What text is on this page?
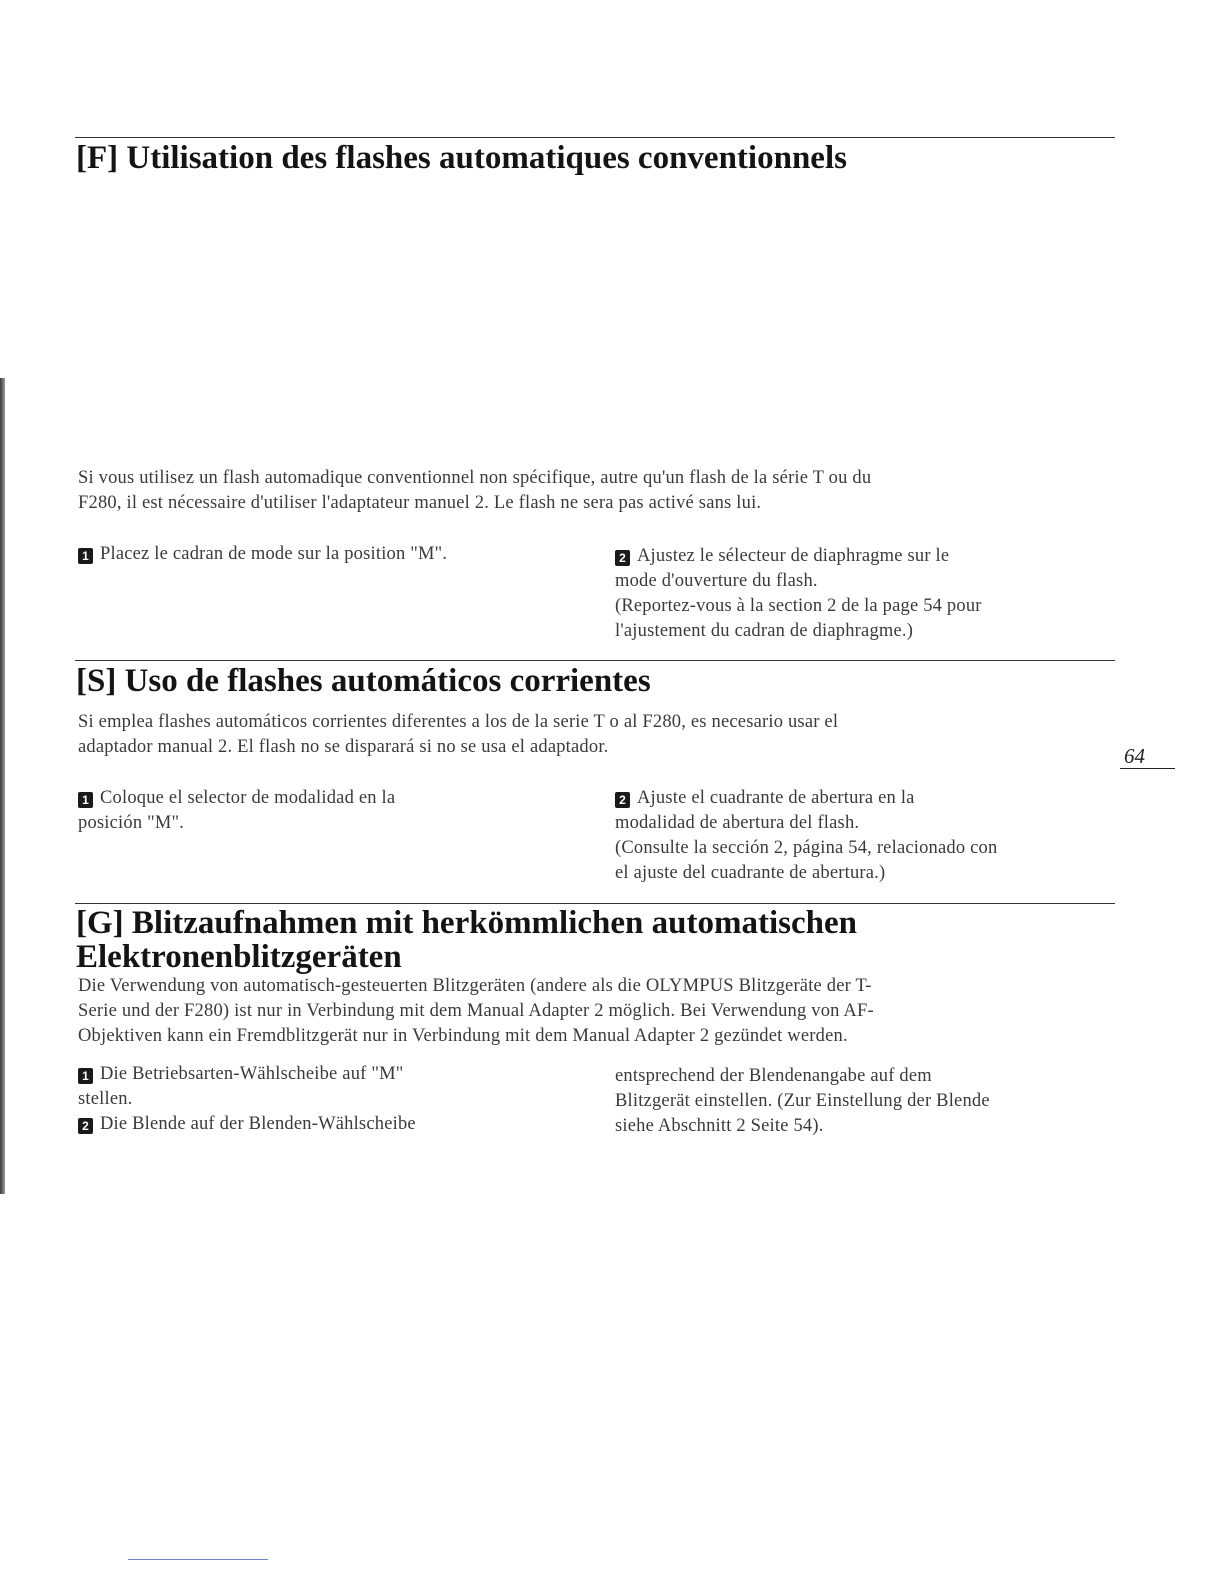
[F] Utilisation des flashes automatiques conventionnels
Si vous utilisez un flash automadique conventionnel non spécifique, autre qu'un flash de la série T ou du
F280, il est nécessaire d'utiliser l'adaptateur manuel 2. Le flash ne sera pas activé sans lui.

1 Placez le cadran de mode sur la position "M".	2 Ajustez le sélecteur de diaphragme sur le

mode d'ouverture du flash.

(Reportez-vous à la section 2 de la page 54 pour

l'ajustement du cadran de diaphragme.)

[S] Uso de flashes automáticos corrientes
Si emplea flashes automáticos corrientes diferentes a los de la serie T o al F280, es necesario usar el
adaptador manual 2. El flash no se disparará si no se usa el adaptador.

1 Coloque el selector de modalidad en la

posición "M".

2 Ajuste el cuadrante de abertura en la

modalidad de abertura del flash.

(Consulte la sección 2, página 54, relacionado con

el ajuste del cuadrante de abertura.)

64
[G] Blitzaufnahmen mit herkömmlichen automatischen
Elektronenblitzgeräten
Die Verwendung von automatisch-gesteuerten Blitzgeräten (andere als die OLYMPUS Blitzgeräte der T-
Serie und der F280) ist nur in Verbindung mit dem Manual Adapter 2 möglich. Bei Verwendung von AF-
Objektiven kann ein Fremdblitzgerät nur in Verbindung mit dem Manual Adapter 2 gezündet werden.

1 Die Betriebsarten-Wählscheibe auf "M"

stellen.

2 Die Blende auf der Blenden-Wählscheibe

entsprechend der Blendenangabe auf dem

Blitzgerät einstellen. (Zur Einstellung der Blende

siehe Abschnitt 2 Seite 54).
